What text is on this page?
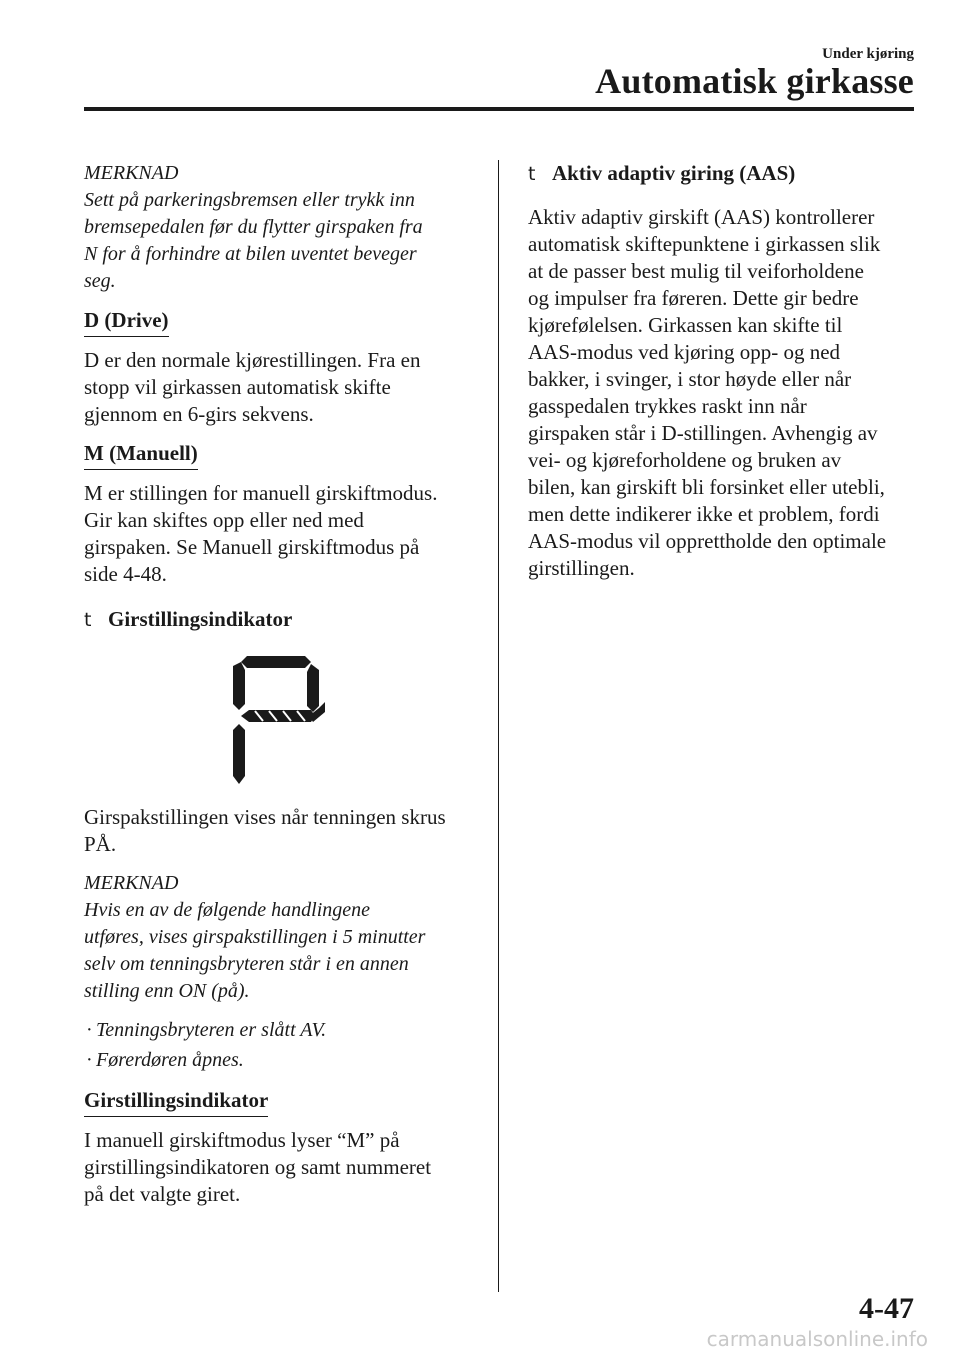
Under kjøring
Automatisk girkasse
MERKNAD
Sett på parkeringsbremsen eller trykk inn
bremsepedalen før du flytter girspaken fra
N for å forhindre at bilen uventet beveger
seg.
D (Drive)
D er den normale kjørestillingen. Fra en
stopp vil girkassen automatisk skifte
gjennom en 6-girs sekvens.
M (Manuell)
M er stillingen for manuell girskiftmodus.
Gir kan skiftes opp eller ned med
girspaken. Se Manuell girskiftmodus på
side 4-48.
t Girstillingsindikator
Girspakstillingen vises når tenningen skrus
PÅ.
MERKNAD
Hvis en av de følgende handlingene
utføres, vises girspakstillingen i 5 minutter
selv om tenningsbryteren står i en annen
stilling enn ON (på).
· Tenningsbryteren er slått AV.
· Førerdøren åpnes.
Girstillingsindikator
I manuell girskiftmodus lyser “M” på
girstillingsindikatoren og samt nummeret
på det valgte giret.
t Aktiv adaptiv giring (AAS)
Aktiv adaptiv girskift (AAS) kontrollerer
automatisk skiftepunktene i girkassen slik
at de passer best mulig til veiforholdene
og impulser fra føreren. Dette gir bedre
kjørefølelsen. Girkassen kan skifte til
AAS-modus ved kjøring opp- og ned
bakker, i svinger, i stor høyde eller når
gasspedalen trykkes raskt inn når
girspaken står i D-stillingen. Avhengig av
vei- og kjøreforholdene og bruken av
bilen, kan girskift bli forsinket eller utebli,
men dette indikerer ikke et problem, fordi
AAS-modus vil opprettholde den optimale
girstillingen.
4-47
carmanualsonline.info
